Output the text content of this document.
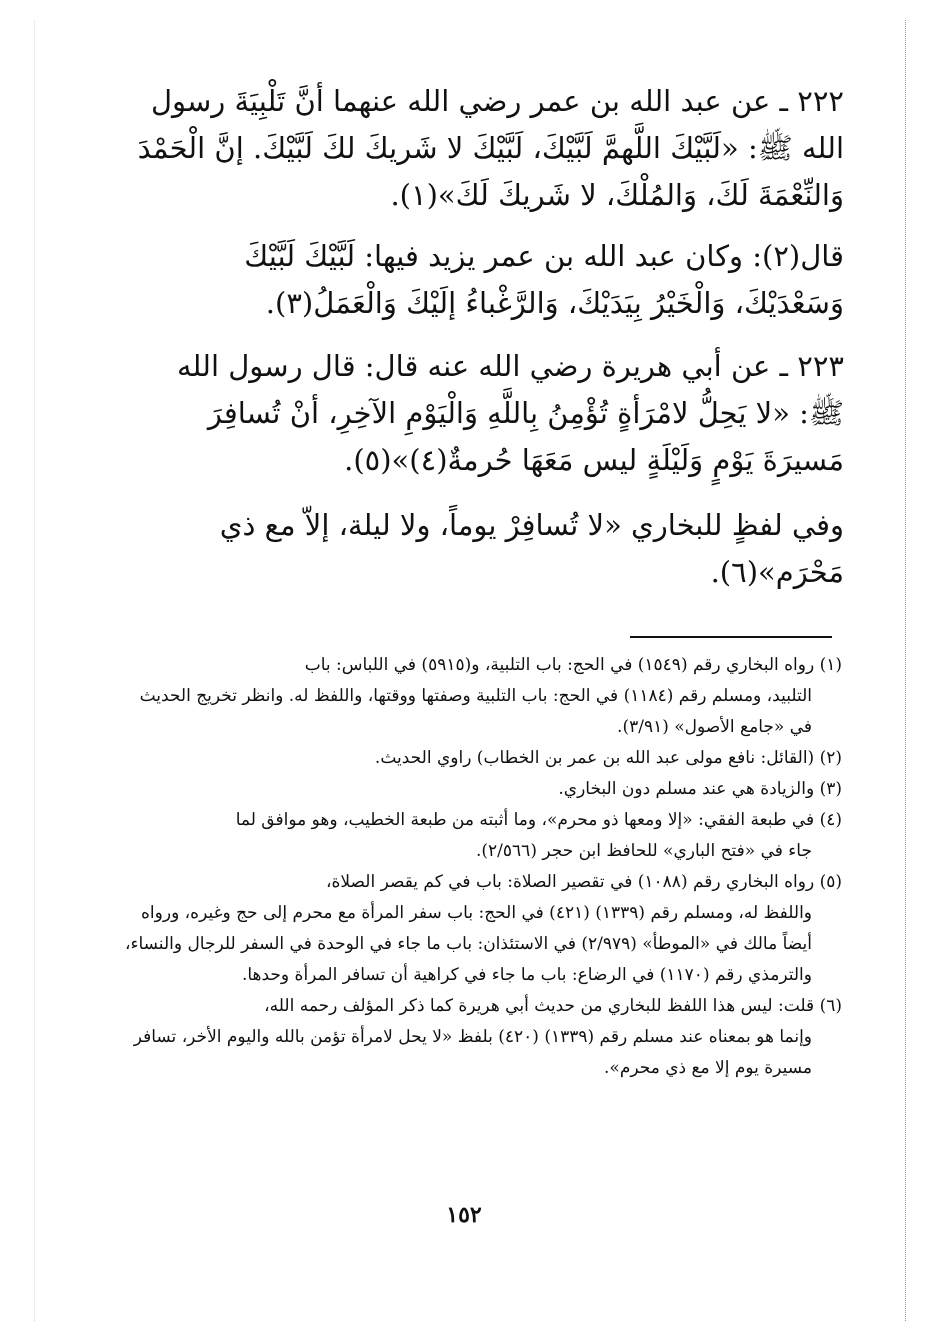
٢٢٢ ـ عن عبد الله بن عمر رضي الله عنهما أنَّ تَلْبِيَةَ رسول الله ﷺ: «لَبَّيْكَ اللَّهمَّ لَبَّيْكَ، لَبَّيْكَ لا شَريكَ لكَ لَبَّيْكَ. إنَّ الْحَمْدَ وَالنِّعْمَةَ لَكَ، وَالمُلْكَ، لا شَريكَ لَكَ»(١).

قال(٢): وكان عبد الله بن عمر يزيد فيها: لَبَّيْكَ لَبَّيْكَ وَسَعْدَيْكَ، وَالْخَيْرُ بِيَدَيْكَ، وَالرَّغْباءُ إلَيْكَ وَالْعَمَلُ(٣).

٢٢٣ ـ عن أبي هريرة رضي الله عنه قال: قال رسول الله ﷺ: «لا يَحِلُّ لامْرَأةٍ تُؤْمِنُ بِاللَّهِ وَالْيَوْمِ الآخِرِ، أنْ تُسافِرَ مَسيرَةَ يَوْمٍ وَلَيْلَةٍ ليس مَعَهَا حُرمةٌ(٤)»(٥).

وفي لفظٍ للبخاري «لا تُسافِرْ يوماً، ولا ليلة، إلاّ مع ذي مَحْرَم»(٦).

(١) رواه البخاري رقم (١٥٤٩) في الحج: باب التلبية، و(٥٩١٥) في اللباس: باب
التلبيد، ومسلم رقم (١١٨٤) في الحج: باب التلبية وصفتها ووقتها، واللفظ له. وانظر تخريج الحديث في «جامع الأصول» (٣/٩١).
(٢) (القائل: نافع مولى عبد الله بن عمر بن الخطاب) راوي الحديث.
(٣) والزيادة هي عند مسلم دون البخاري.
(٤) في طبعة الفقي: «إلا ومعها ذو محرم»، وما أثبته من طبعة الخطيب، وهو موافق لما
جاء في «فتح الباري» للحافظ ابن حجر (٢/٥٦٦).
(٥) رواه البخاري رقم (١٠٨٨) في تقصير الصلاة: باب في كم يقصر الصلاة،
واللفظ له، ومسلم رقم (١٣٣٩) (٤٢١) في الحج: باب سفر المرأة مع محرم إلى حج وغيره، ورواه أيضاً مالك في «الموطأ» (٢/٩٧٩) في الاستئذان: باب ما جاء في الوحدة في السفر للرجال والنساء، والترمذي رقم (١١٧٠) في الرضاع: باب ما جاء في كراهية أن تسافر المرأة وحدها.
(٦) قلت: ليس هذا اللفظ للبخاري من حديث أبي هريرة كما ذكر المؤلف رحمه الله،
وإنما هو بمعناه عند مسلم رقم (١٣٣٩) (٤٢٠) بلفظ «لا يحل لامرأة تؤمن بالله واليوم الأخر، تسافر مسيرة يوم إلا مع ذي محرم».
١٥٢
